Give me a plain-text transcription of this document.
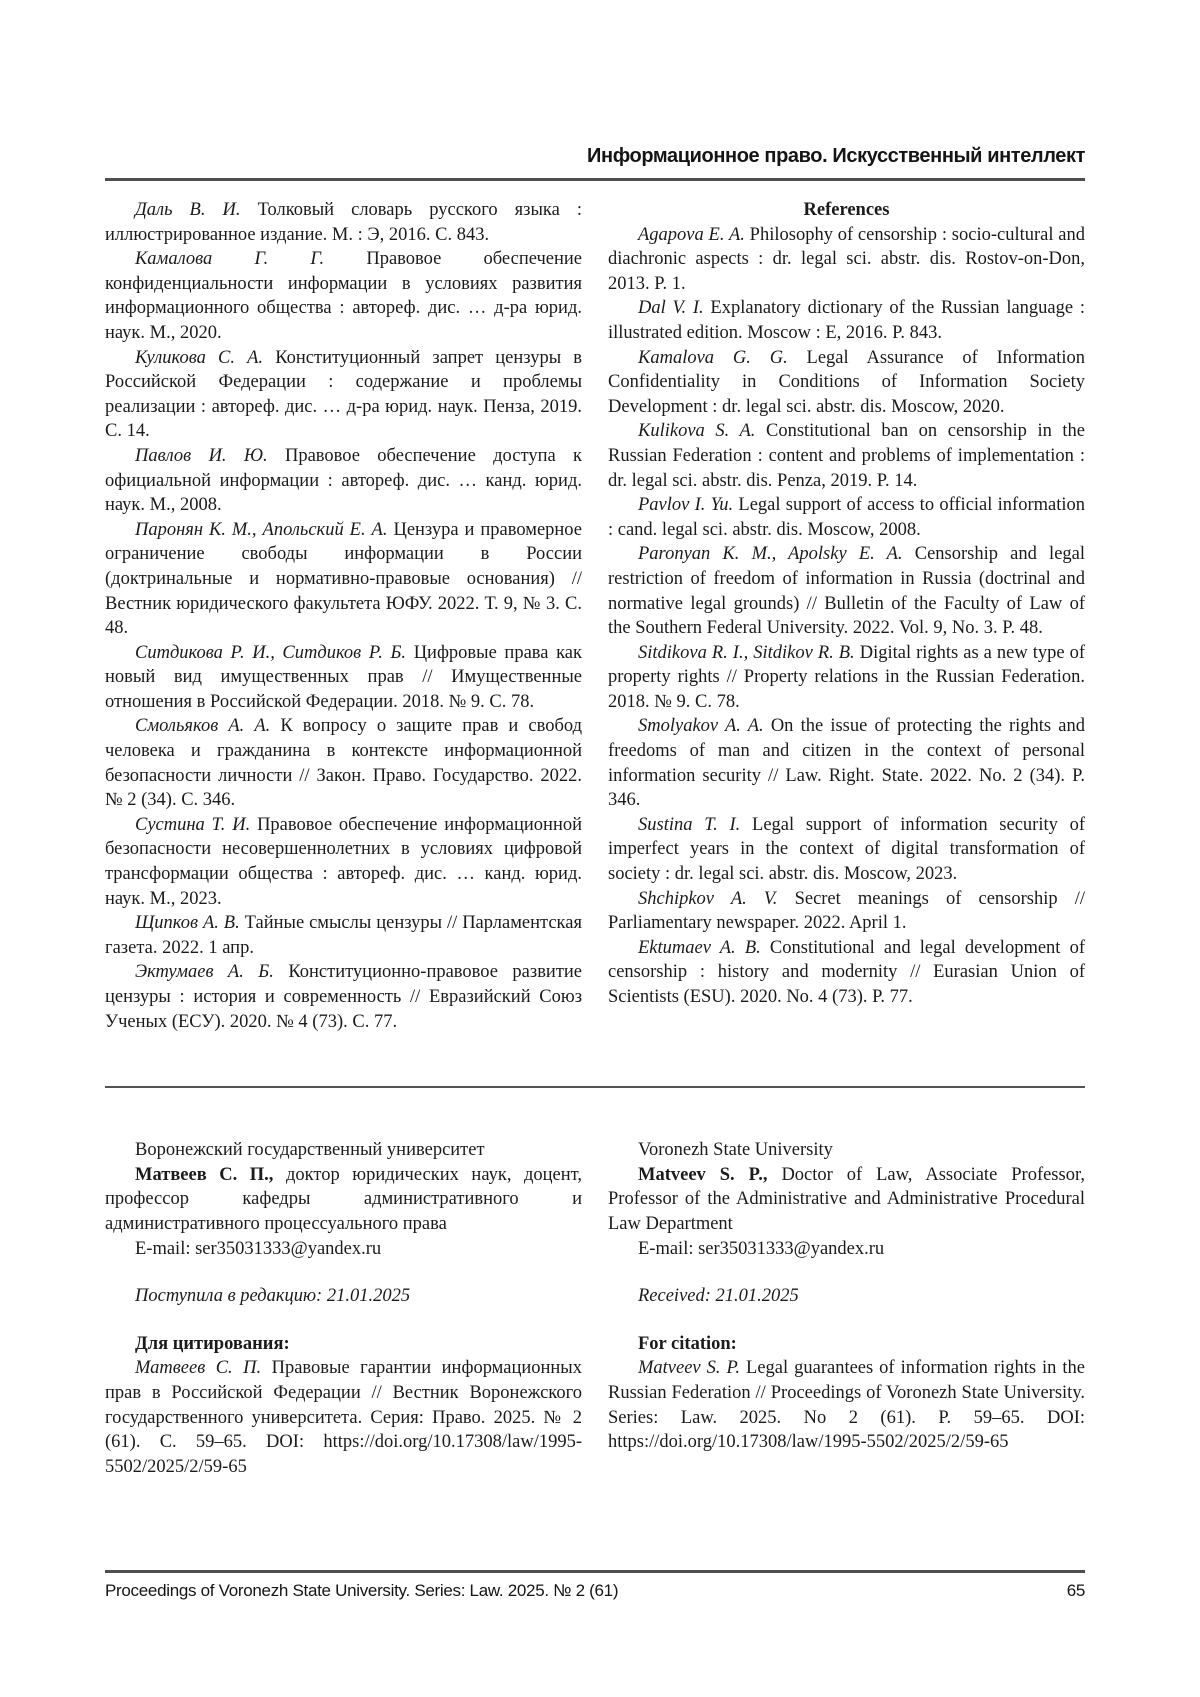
Информационное право. Искусственный интеллект

Даль В. И. Толковый словарь русского языка : иллюстрированное издание. М. : Э, 2016. С. 843.

Камалова Г. Г. Правовое обеспечение конфиденциальности информации в условиях развития информационного общества : автореф. дис. … д-ра юрид. наук. М., 2020.

Куликова С. А. Конституционный запрет цензуры в Российской Федерации : содержание и проблемы реализации : автореф. дис. … д-ра юрид. наук. Пенза, 2019. С. 14.

Павлов И. Ю. Правовое обеспечение доступа к официальной информации : автореф. дис. … канд. юрид. наук. М., 2008.

Паронян К. М., Апольский Е. А. Цензура и правомерное ограничение свободы информации в России (доктринальные и нормативно-правовые основания) // Вестник юридического факультета ЮФУ. 2022. Т. 9, № 3. С. 48.

Ситдикова Р. И., Ситдиков Р. Б. Цифровые права как новый вид имущественных прав // Имущественные отношения в Российской Федерации. 2018. № 9. С. 78.

Смольяков А. А. К вопросу о защите прав и свобод человека и гражданина в контексте информационной безопасности личности // Закон. Право. Государство. 2022. № 2 (34). С. 346.

Сустина Т. И. Правовое обеспечение информационной безопасности несовершеннолетних в условиях цифровой трансформации общества : автореф. дис. … канд. юрид. наук. М., 2023.

Щипков А. В. Тайные смыслы цензуры // Парламентская газета. 2022. 1 апр.

Эктумаев А. Б. Конституционно-правовое развитие цензуры : история и современность // Евразийский Союз Ученых (ЕСУ). 2020. № 4 (73). С. 77.

References

Agapova E. A. Philosophy of censorship : socio-cultural and diachronic aspects : dr. legal sci. abstr. dis. Rostov-on-Don, 2013. P. 1.

Dal V. I. Explanatory dictionary of the Russian language : illustrated edition. Moscow : E, 2016. P. 843.

Kamalova G. G. Legal Assurance of Information Confidentiality in Conditions of Information Society Development : dr. legal sci. abstr. dis. Moscow, 2020.

Kulikova S. A. Constitutional ban on censorship in the Russian Federation : content and problems of implementation : dr. legal sci. abstr. dis. Penza, 2019. P. 14.

Pavlov I. Yu. Legal support of access to official information : cand. legal sci. abstr. dis. Moscow, 2008.

Paronyan K. M., Apolsky E. A. Censorship and legal restriction of freedom of information in Russia (doctrinal and normative legal grounds) // Bulletin of the Faculty of Law of the Southern Federal University. 2022. Vol. 9, No. 3. P. 48.

Sitdikova R. I., Sitdikov R. B. Digital rights as a new type of property rights // Property relations in the Russian Federation. 2018. № 9. C. 78.

Smolyakov A. A. On the issue of protecting the rights and freedoms of man and citizen in the context of personal information security // Law. Right. State. 2022. No. 2 (34). P. 346.

Sustina T. I. Legal support of information security of imperfect years in the context of digital transformation of society : dr. legal sci. abstr. dis. Moscow, 2023.

Shchipkov A. V. Secret meanings of censorship // Parliamentary newspaper. 2022. April 1.

Ektumaev A. B. Constitutional and legal development of censorship : history and modernity // Eurasian Union of Scientists (ESU). 2020. No. 4 (73). P. 77.

Воронежский государственный университет

Матвеев С. П., доктор юридических наук, доцент, профессор кафедры административного и административного процессуального права

E-mail: ser35031333@yandex.ru

Поступила в редакцию: 21.01.2025

Для цитирования:

Матвеев С. П. Правовые гарантии информационных прав в Российской Федерации // Вестник Воронежского государственного университета. Серия: Право. 2025. № 2 (61). С. 59–65. DOI: https://doi.org/10.17308/law/1995-5502/2025/2/59-65

Voronezh State University

Matveev S. P., Doctor of Law, Associate Professor, Professor of the Administrative and Administrative Procedural Law Department

E-mail: ser35031333@yandex.ru

Received: 21.01.2025

For citation:

Matveev S. P. Legal guarantees of information rights in the Russian Federation // Proceedings of Voronezh State University. Series: Law. 2025. No 2 (61). P. 59–65. DOI: https://doi.org/10.17308/law/1995-5502/2025/2/59-65

Proceedings of Voronezh State University. Series: Law. 2025. № 2 (61)	65
